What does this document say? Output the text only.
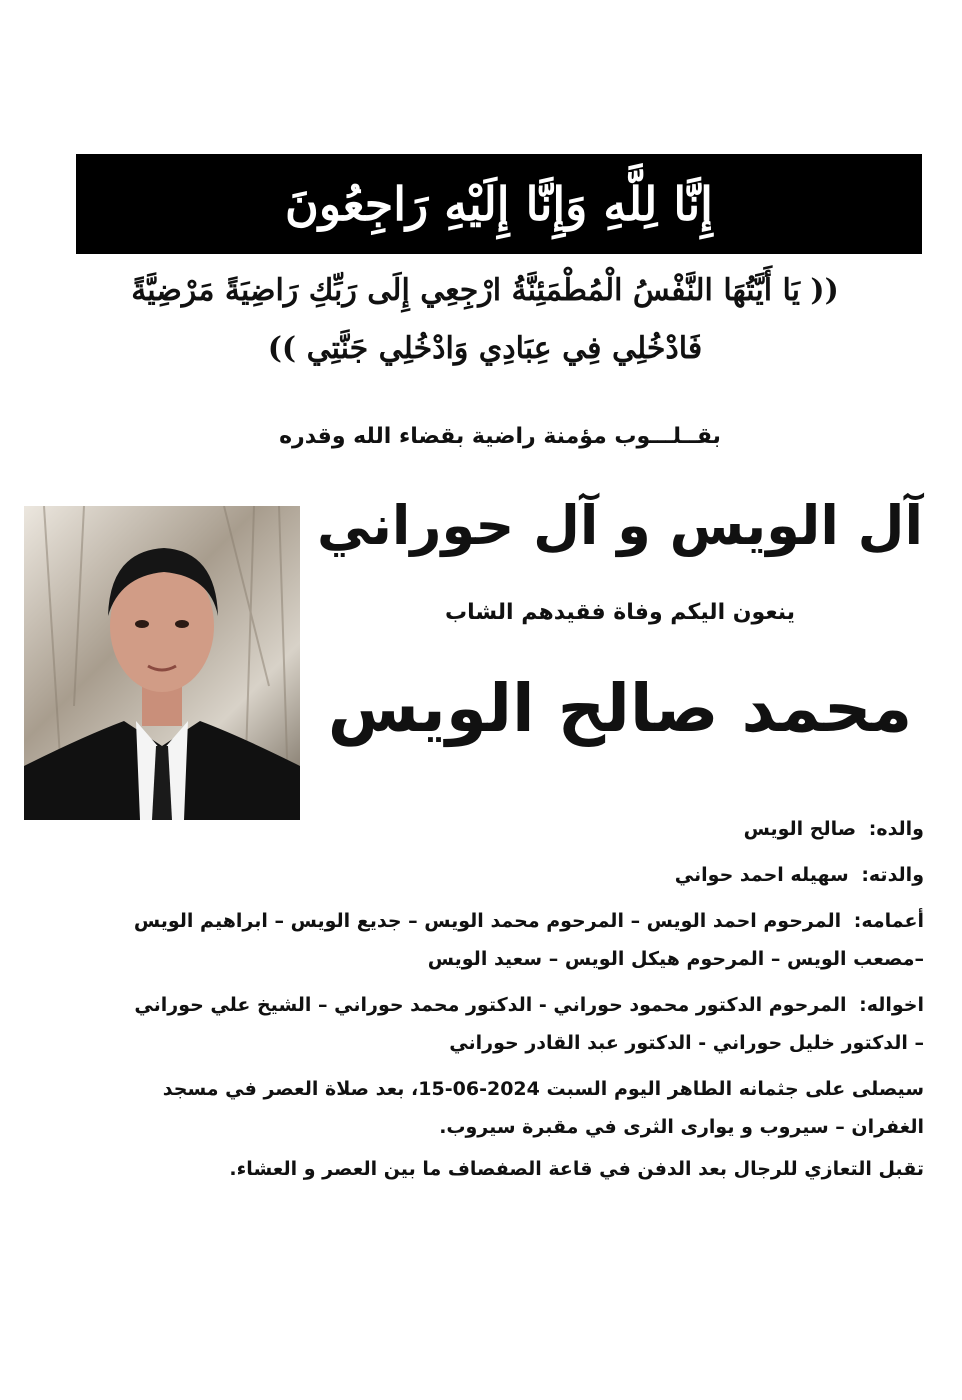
إِنَّا لِلَّهِ وَإِنَّا إِلَيْهِ رَاجِعُونَ
(( يَا أَيَّتُهَا النَّفْسُ الْمُطْمَئِنَّةُ ارْجِعِي إِلَى رَبِّكِ رَاضِيَةً مَرْضِيَّةً
فَادْخُلِي فِي عِبَادِي وَادْخُلِي جَنَّتِي ))
بقــلـــوب مؤمنة راضية بقضاء الله وقدره
آل الويس و آل حوراني
ينعون اليكم وفاة فقيدهم الشاب
محمد صالح الويس
والده: صالح الويس
والدته: سهيله احمد حواني
أعمامه: المرحوم احمد الويس – المرحوم محمد الويس – جديع الويس – ابراهيم الويس –مصعب الويس – المرحوم هيكل الويس – سعيد الويس
اخواله: المرحوم الدكتور محمود حوراني - الدكتور محمد حوراني – الشيخ علي حوراني – الدكتور خليل حوراني - الدكتور عبد القادر حوراني
سيصلى على جثمانه الطاهر اليوم السبت 2024-06-15، بعد صلاة العصر في مسجد الغفران – سيروب و يوارى الثرى في مقبرة سيروب.
تقبل التعازي للرجال بعد الدفن في قاعة الصفصاف ما بين العصر و العشاء.
